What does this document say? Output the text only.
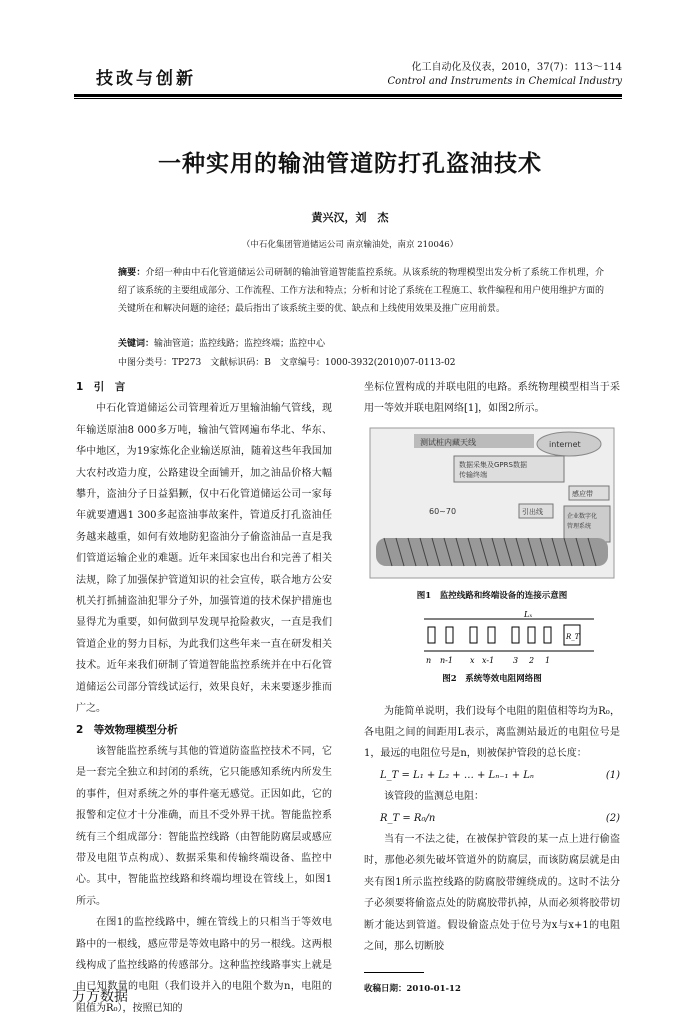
技改与创新
化工自动化及仪表，2010，37(7)：113～114
Control and Instruments in Chemical Industry
一种实用的输油管道防打孔盗油技术
黄兴汉，刘　杰
（中石化集团管道储运公司 南京输油处，南京 210046）
摘要：介绍一种由中石化管道储运公司研制的输油管道智能监控系统。从该系统的物理模型出发分析了系统工作机理，介绍了该系统的主要组成部分、工作流程、工作方法和特点；分析和讨论了系统在工程施工、软件编程和用户使用维护方面的关键所在和解决问题的途径；最后指出了该系统主要的优、缺点和上线使用效果及推广应用前景。
关键词：输油管道；监控线路；监控终端；监控中心
中图分类号：TP273　文献标识码：B　文章编号：1000-3932(2010)07-0113-02

1　引　言

中石化管道储运公司管理着近万里输油输气管线，现年输送原油8 000多万吨，输油气管网遍布华北、华东、华中地区，为19家炼化企业输送原油，随着这些年我国加大农村改造力度，公路建设全面铺开，加之油品价格大幅攀升，盗油分子日益猖獗，仅中石化管道储运公司一家每年就要遭遇1 300多起盗油事故案件，管道反打孔盗油任务越来越重，如何有效地防犯盗油分子偷盗油品一直是我们管道运输企业的难题。近年来国家也出台和完善了相关法规，除了加强保护管道知识的社会宣传，联合地方公安机关打抓捕盗油犯罪分子外，加强管道的技术保护措施也显得尤为重要，如何做到早发现早抢险救灾，一直是我们管道企业的努力目标，为此我们这些年来一直在研发相关技术。近年来我们研制了管道智能监控系统并在中石化管道储运公司部分管线试运行，效果良好，未来要逐步推而广之。

2　等效物理模型分析

该智能监控系统与其他的管道防盗监控技术不同，它是一套完全独立和封闭的系统，它只能感知系统内所发生的事件，但对系统之外的事件毫无感觉。正因如此，它的报警和定位才十分准确，而且不受外界干扰。智能监控系统有三个组成部分：智能监控线路（由智能防腐层或感应带及电阻节点构成）、数据采集和传输终端设备、监控中心。其中，智能监控线路和终端均埋设在管线上，如图1所示。

在图1的监控线路中，缠在管线上的只相当于等效电路中的一根线，感应带是等效电路中的另一根线。这两根线构成了监控线路的传感部分。这种监控线路事实上就是由已知数量的电阻（我们设并入的电阻个数为n，电阻的阻值为R₀），按照已知的

坐标位置构成的并联电阻的电路。系统物理模型相当于采用一等效并联电阻网络[1]，如图2所示。

测试桩内藏天线	internet
数据采集及GPRS数据
传输终端
感应带
60~70	引出线
企业数字化
管理系统
图1　监控线路和终端设备的连接示意图
Lₓ
R_T
n n-1 x x-1 3 2 1
图2　系统等效电阻网络图

为能简单说明，我们设每个电阻的阻值相等均为R₀，各电阻之间的间距用L表示，离监测站最近的电阻位号是1，最远的电阻位号是n，则被保护管段的总长度：

L_T = L₁ + L₂ + … + Lₙ₋₁ + Lₙ	(1)

该管段的监测总电阻：

R_T = R₀/n	(2)

当有一不法之徒，在被保护管段的某一点上进行偷盗时，那他必须先破坏管道外的防腐层，而该防腐层就是由夹有图1所示监控线路的防腐胶带缠绕成的。这时不法分子必须要将偷盗点处的防腐胶带扒掉，从而必须将胶带切断才能达到管道。假设偷盗点处于位号为x与x+1的电阻之间，那么切断胶

收稿日期：2010-01-12
万方数据
